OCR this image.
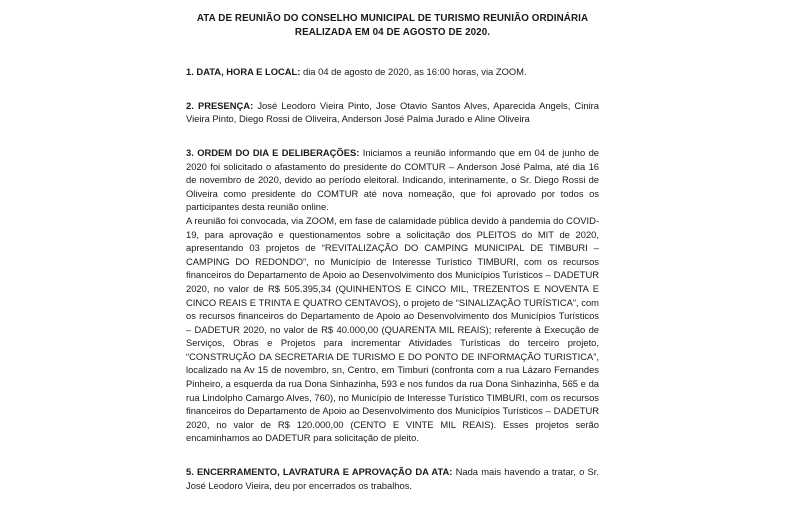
ATA DE REUNIÃO DO CONSELHO MUNICIPAL DE TURISMO REUNIÃO ORDINÁRIA
REALIZADA EM 04 DE AGOSTO DE 2020.
1. DATA, HORA E LOCAL: dia 04 de agosto de 2020, as 16:00 horas, via ZOOM.
2. PRESENÇA: José Leodoro Vieira Pinto, Jose Otavio Santos Alves, Aparecida Angels, Cinira Vieira Pinto, Diego Rossi de Oliveira, Anderson José Palma Jurado e Aline Oliveira

3. ORDEM DO DIA E DELIBERAÇÕES: Iniciamos a reunião informando que em 04 de junho de 2020 foi solicitado o afastamento do presidente do COMTUR – Anderson José Palma, até dia 16 de novembro de 2020, devido ao período eleitoral. Indicando, interinamente, o Sr. Diego Rossi de Oliveira como presidente do COMTUR até nova nomeação, que foi aprovado por todos os participantes desta reunião online.

A reunião foi convocada, via ZOOM, em fase de calamidade pública devido à pandemia do COVID-19, para aprovação e questionamentos sobre a solicitação dos PLEITOS do MIT de 2020, apresentando 03 projetos de “REVITALIZAÇÃO DO CAMPING MUNICIPAL DE TIMBURI – CAMPING DO REDONDO”, no Município de Interesse Turístico TIMBURI, com os recursos financeiros do Departamento de Apoio ao Desenvolvimento dos Municípios Turísticos – DADETUR 2020, no valor de R$ 505.395,34 (QUINHENTOS E CINCO MIL, TREZENTOS E NOVENTA E CINCO REAIS E TRINTA E QUATRO CENTAVOS), o projeto de “SINALIZAÇÃO TURÍSTICA”, com os recursos financeiros do Departamento de Apoio ao Desenvolvimento dos Municípios Turísticos – DADETUR 2020, no valor de R$ 40.000,00 (QUARENTA MIL REAIS); referente à Execução de Serviços, Obras e Projetos para incrementar Atividades Turísticas do terceiro projeto, “CONSTRUÇÃO DA SECRETARIA DE TURISMO E DO PONTO DE INFORMAÇÃO TURISTICA”, localizado na Av 15 de novembro, sn, Centro, em Timburi (confronta com a rua Lázaro Fernandes Pinheiro, a esquerda da rua Dona Sinhazinha, 593 e nos fundos da rua Dona Sinhazinha, 565 e da rua Lindolpho Camargo Alves, 760), no Município de Interesse Turístico TIMBURI, com os recursos financeiros do Departamento de Apoio ao Desenvolvimento dos Municípios Turísticos – DADETUR 2020, no valor de R$ 120.000,00 (CENTO E VINTE MIL REAIS). Esses projetos serão encaminhamos ao DADETUR para solicitação de pleito.

5. ENCERRAMENTO, LAVRATURA E APROVAÇÃO DA ATA: Nada mais havendo a tratar, o Sr. José Leodoro Vieira, deu por encerrados os trabalhos.
